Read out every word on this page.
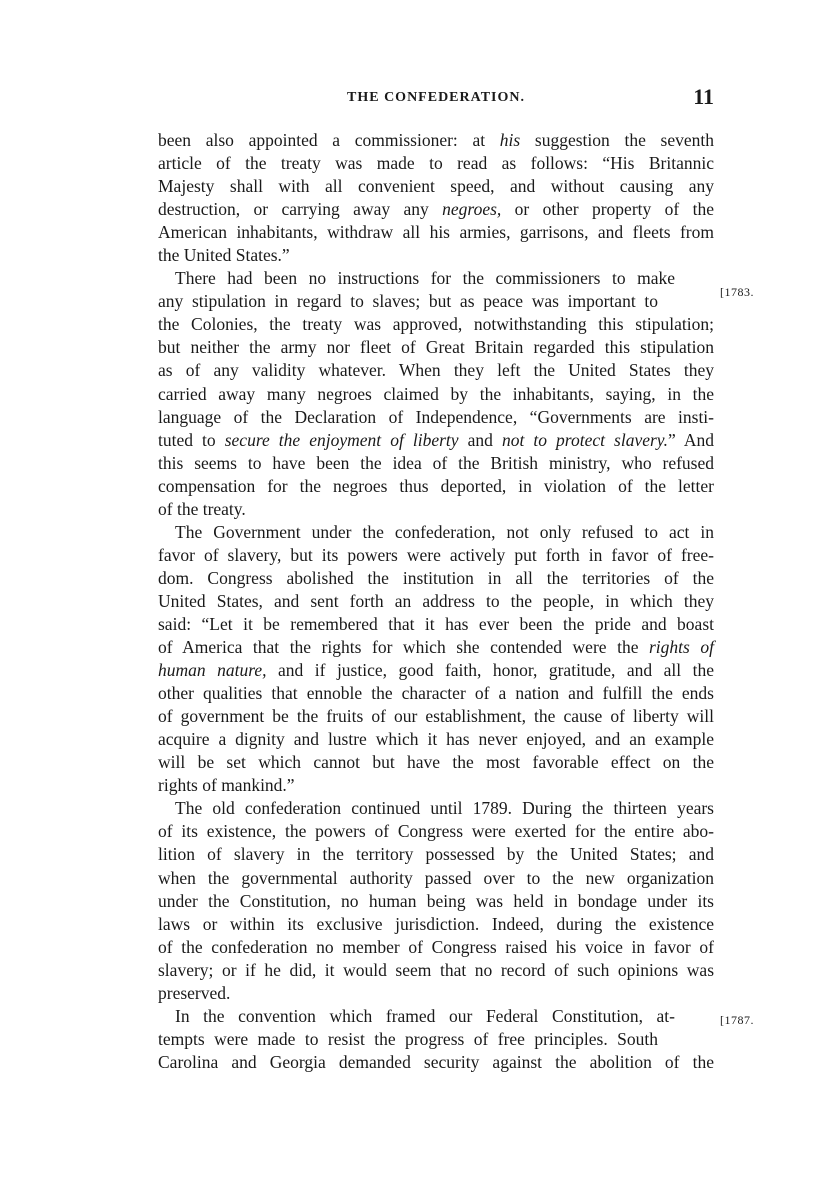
THE CONFEDERATION.	11
[1783.
[1787.
been also appointed a commissioner: at his suggestion the seventh
article of the treaty was made to read as follows: “His Britannic
Majesty shall with all convenient speed, and without causing any
destruction, or carrying away any negroes, or other property of the
American inhabitants, withdraw all his armies, garrisons, and fleets from
the United States.”
There had been no instructions for the commissioners to make
any stipulation in regard to slaves; but as peace was important to
the Colonies, the treaty was approved, notwithstanding this stipulation;
but neither the army nor fleet of Great Britain regarded this stipulation
as of any validity whatever. When they left the United States they
carried away many negroes claimed by the inhabitants, saying, in the
language of the Declaration of Independence, “Governments are insti-
tuted to secure the enjoyment of liberty and not to protect slavery.” And
this seems to have been the idea of the British ministry, who refused
compensation for the negroes thus deported, in violation of the letter
of the treaty.
The Government under the confederation, not only refused to act in
favor of slavery, but its powers were actively put forth in favor of free-
dom. Congress abolished the institution in all the territories of the
United States, and sent forth an address to the people, in which they
said: “Let it be remembered that it has ever been the pride and boast
of America that the rights for which she contended were the rights of
human nature, and if justice, good faith, honor, gratitude, and all the
other qualities that ennoble the character of a nation and fulfill the ends
of government be the fruits of our establishment, the cause of liberty will
acquire a dignity and lustre which it has never enjoyed, and an example
will be set which cannot but have the most favorable effect on the
rights of mankind.”
The old confederation continued until 1789. During the thirteen years
of its existence, the powers of Congress were exerted for the entire abo-
lition of slavery in the territory possessed by the United States; and
when the governmental authority passed over to the new organization
under the Constitution, no human being was held in bondage under its
laws or within its exclusive jurisdiction. Indeed, during the existence
of the confederation no member of Congress raised his voice in favor of
slavery; or if he did, it would seem that no record of such opinions was
preserved.
In the convention which framed our Federal Constitution, at-
tempts were made to resist the progress of free principles. South
Carolina and Georgia demanded security against the abolition of the
